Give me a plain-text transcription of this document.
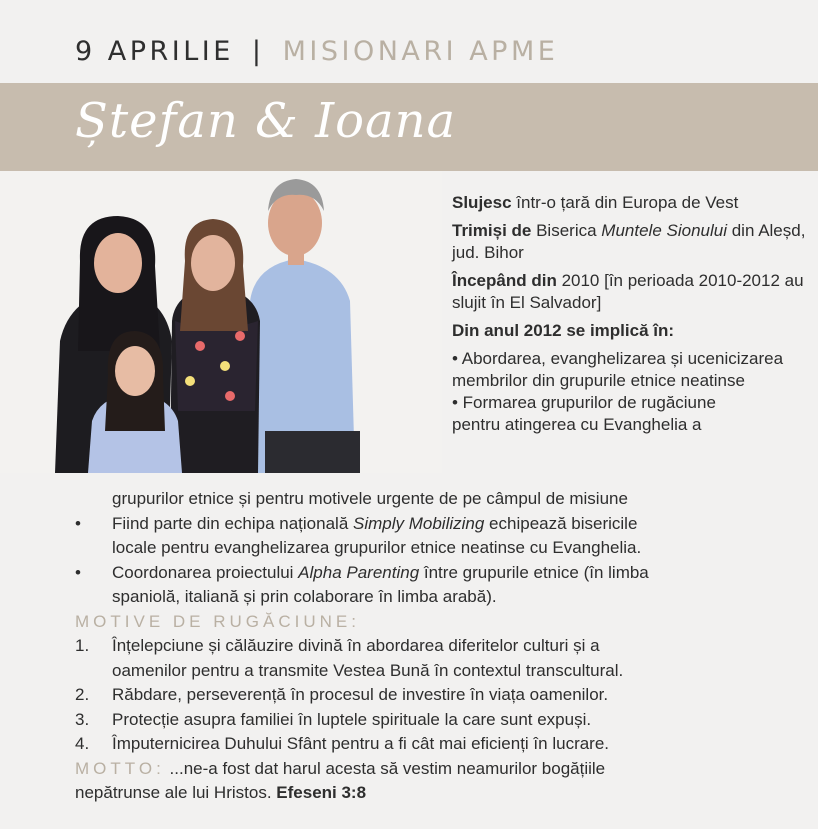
9 APRILIE | MISIONARI APME
Ștefan & Ioana

Slujesc într-o țară din Europa de Vest

Trimiși de Biserica Muntele Sionului din Aleșd, jud. Bihor

Începând din 2010 [în perioada 2010-2012 au slujit în El Salvador]

Din anul 2012 se implică în:

• Abordarea, evanghelizarea și ucenicizarea membrilor din grupurile etnice neatinse

• Formarea grupurilor de rugăciune

pentru atingerea cu Evanghelia a

grupurilor etnice și pentru motivele urgente de pe câmpul de misiune
• Fiind parte din echipa națională Simply Mobilizing echipează bisericile
locale pentru evanghelizarea grupurilor etnice neatinse cu Evanghelia.
• Coordonarea proiectului Alpha Parenting între grupurile etnice (în limba
spaniolă, italiană și prin colaborare în limba arabă).
MOTIVE DE RUGĂCIUNE:
1. Înțelepciune și călăuzire divină în abordarea diferitelor culturi și a
oamenilor pentru a transmite Vestea Bună în contextul transcultural.
2. Răbdare, perseverență în procesul de investire în viața oamenilor.
3. Protecție asupra familiei în luptele spirituale la care sunt expuși.
4. Împuternicirea Duhului Sfânt pentru a fi cât mai eficienți în lucrare.
MOTTO: ...ne-a fost dat harul acesta să vestim neamurilor bogățiile
nepătrunse ale lui Hristos. Efeseni 3:8
